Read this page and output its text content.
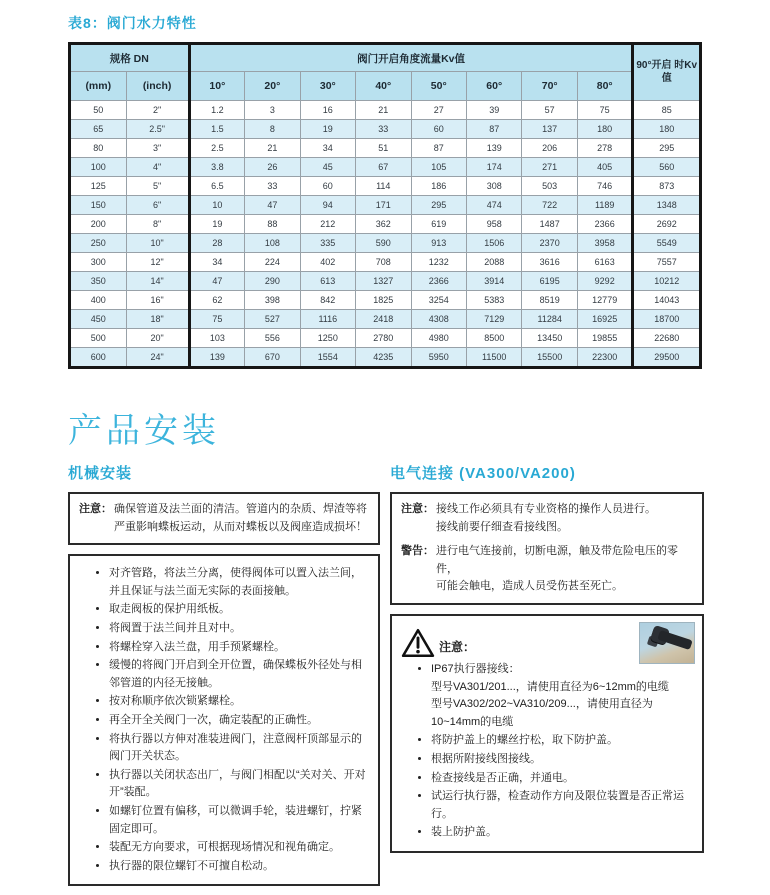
表8：阀门水力特性
规格 DN		阀门开启角度流量Kv值								90°开启 时Kv值
(mm)	(inch)	10°	20°	30°	40°	50°	60°	70°	80°	
50	2"	1.2	3	16	21	27	39	57	75	85
65	2.5"	1.5	8	19	33	60	87	137	180	180
80	3"	2.5	21	34	51	87	139	206	278	295
100	4"	3.8	26	45	67	105	174	271	405	560
125	5"	6.5	33	60	114	186	308	503	746	873
150	6"	10	47	94	171	295	474	722	1189	1348
200	8"	19	88	212	362	619	958	1487	2366	2692
250	10"	28	108	335	590	913	1506	2370	3958	5549
300	12"	34	224	402	708	1232	2088	3616	6163	7557
350	14"	47	290	613	1327	2366	3914	6195	9292	10212
400	16"	62	398	842	1825	3254	5383	8519	12779	14043
450	18"	75	527	1116	2418	4308	7129	11284	16925	18700
500	20"	103	556	1250	2780	4980	8500	13450	19855	22680
600	24"	139	670	1554	4235	5950	11500	15500	22300	29500
产品安装
机械安装
注意： 确保管道及法兰面的清洁。管道内的杂质、焊渣等将严重影响蝶板运动，从而对蝶板以及阀座造成损坏！
• 对齐管路，将法兰分离，使得阀体可以置入法兰间，并且保证与法兰面无实际的表面接触。
• 取走阀板的保护用纸板。
• 将阀置于法兰间并且对中。
• 将螺栓穿入法兰盘，用手预紧螺栓。
• 缓慢的将阀门开启到全开位置，确保蝶板外径处与相邻管道的内径无接触。
• 按对称顺序依次锁紧螺栓。
• 再全开全关阀门一次，确定装配的正确性。
• 将执行器以方伸对准装进阀门，注意阀杆顶部显示的阀门开关状态。
• 执行器以关闭状态出厂，与阀门相配以“关对关、开对开”装配。
• 如螺钉位置有偏移，可以微调手轮，装进螺钉，拧紧固定即可。
• 装配无方向要求，可根据现场情况和视角确定。
• 执行器的限位螺钉不可擅自松动。
电气连接 (VA300/VA200)
注意： 接线工作必须具有专业资格的操作人员进行。
接线前要仔细查看接线图。
警告： 进行电气连接前，切断电源，触及带危险电压的零件，
可能会触电，造成人员受伤甚至死亡。
注意：
• IP67执行器接线：
型号VA301/201...，请使用直径为6~12mm的电缆
型号VA302/202~VA310/209...，请使用直径为10~14mm的电缆
• 将防护盖上的螺丝拧松，取下防护盖。
• 根据所附接线图接线。
• 检查接线是否正确，并通电。
• 试运行执行器，检查动作方向及限位装置是否正常运行。
• 装上防护盖。
